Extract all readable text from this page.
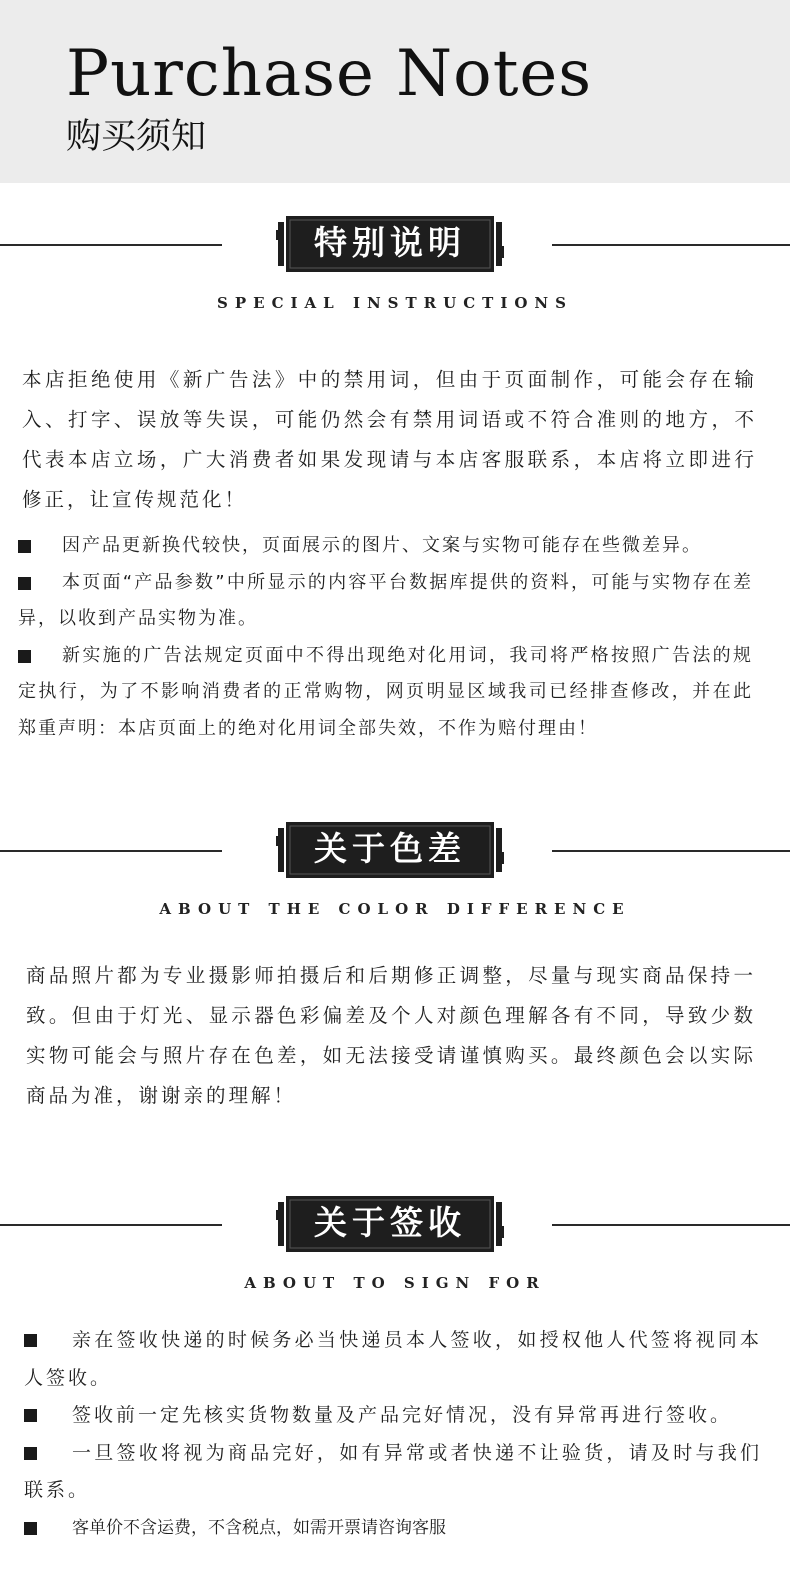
Purchase Notes
购买须知
特别说明
SPECIAL INSTRUCTIONS
本店拒绝使用《新广告法》中的禁用词，但由于页面制作，可能会存在输入、打字、误放等失误，可能仍然会有禁用词语或不符合准则的地方，不代表本店立场，广大消费者如果发现请与本店客服联系，本店将立即进行修正，让宣传规范化！
因产品更新换代较快，页面展示的图片、文案与实物可能存在些微差异。
本页面“产品参数”中所显示的内容平台数据库提供的资料，可能与实物存在差异，以收到产品实物为准。
新实施的广告法规定页面中不得出现绝对化用词，我司将严格按照广告法的规定执行，为了不影响消费者的正常购物，网页明显区域我司已经排查修改，并在此郑重声明：本店页面上的绝对化用词全部失效，不作为赔付理由！
关于色差
ABOUT THE COLOR DIFFERENCE
商品照片都为专业摄影师拍摄后和后期修正调整，尽量与现实商品保持一致。但由于灯光、显示器色彩偏差及个人对颜色理解各有不同，导致少数实物可能会与照片存在色差，如无法接受请谨慎购买。最终颜色会以实际商品为准，谢谢亲的理解！
关于签收
ABOUT TO SIGN FOR
亲在签收快递的时候务必当快递员本人签收，如授权他人代签将视同本人签收。
签收前一定先核实货物数量及产品完好情况，没有异常再进行签收。
一旦签收将视为商品完好，如有异常或者快递不让验货，请及时与我们联系。
客单价不含运费，不含税点，如需开票请咨询客服
